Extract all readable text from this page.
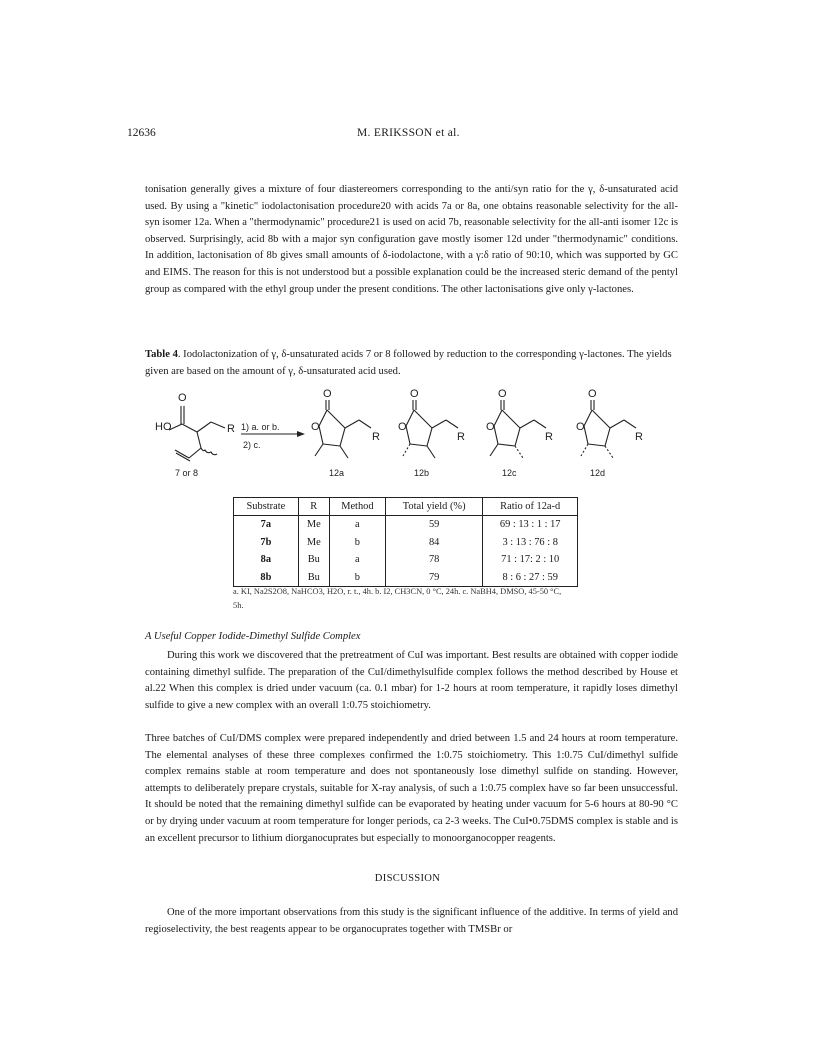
12636	M. ERIKSSON et al.

tonisation generally gives a mixture of four diastereomers corresponding to the anti/syn ratio for the γ, δ-unsaturated acid used. By using a "kinetic" iodolactonisation procedure20 with acids 7a or 8a, one obtains reasonable selectivity for the all-syn isomer 12a. When a "thermodynamic" procedure21 is used on acid 7b, reasonable selectivity for the all-anti isomer 12c is observed. Surprisingly, acid 8b with a major syn configuration gave mostly isomer 12d under "thermodynamic" conditions. In addition, lactonisation of 8b gives small amounts of δ-iodolactone, with a γ:δ ratio of 90:10, which was supported by GC and EIMS. The reason for this is not understood but a possible explanation could be the increased steric demand of the pentyl group as compared with the ethyl group under the present conditions. The other lactonisations give only γ-lactones.

Table 4. Iodolactonization of γ, δ-unsaturated acids 7 or 8 followed by reduction to the corresponding γ-lactones. The yields given are based on the amount of γ, δ-unsaturated acid used.
HO
O
R
7 or 8
1) a. or b.
2) c.
O
O
R
12a
O
O
R
12b
O
O
R
12c
O
O
R
12d
Substrate	R	Method	Total yield (%)	Ratio of 12a-d
7a	Me	a	59	69 : 13 : 1 : 17
7b	Me	b	84	3 : 13 : 76 : 8
8a	Bu	a	78	71 : 17: 2 : 10
8b	Bu	b	79	8 : 6 : 27 : 59
a. KI, Na2S2O8, NaHCO3, H2O, r. t., 4h. b. I2, CH3CN, 0 °C, 24h. c. NaBH4, DMSO, 45-50 °C, 5h.
A Useful Copper Iodide-Dimethyl Sulfide Complex

During this work we discovered that the pretreatment of CuI was important. Best results are obtained with copper iodide containing dimethyl sulfide. The preparation of the CuI/dimethylsulfide complex follows the method described by House et al.22 When this complex is dried under vacuum (ca. 0.1 mbar) for 1-2 hours at room temperature, it rapidly loses dimethyl sulfide to give a new complex with an overall 1:0.75 stoichiometry.

Three batches of CuI/DMS complex were prepared independently and dried between 1.5 and 24 hours at room temperature. The elemental analyses of these three complexes confirmed the 1:0.75 stoichiometry. This 1:0.75 CuI/dimethyl sulfide complex remains stable at room temperature and does not spontaneously lose dimethyl sulfide on standing. However, attempts to deliberately prepare crystals, suitable for X-ray analysis, of such a 1:0.75 complex have so far been unsuccessful. It should be noted that the remaining dimethyl sulfide can be evaporated by heating under vacuum for 5-6 hours at 80-90 °C or by drying under vacuum at room temperature for longer periods, ca 2-3 weeks. The CuI•0.75DMS complex is stable and is an excellent precursor to lithium diorganocuprates but especially to monoorganocopper reagents.

DISCUSSION

One of the more important observations from this study is the significant influence of the additive. In terms of yield and regioselectivity, the best reagents appear to be organocuprates together with TMSBr or
